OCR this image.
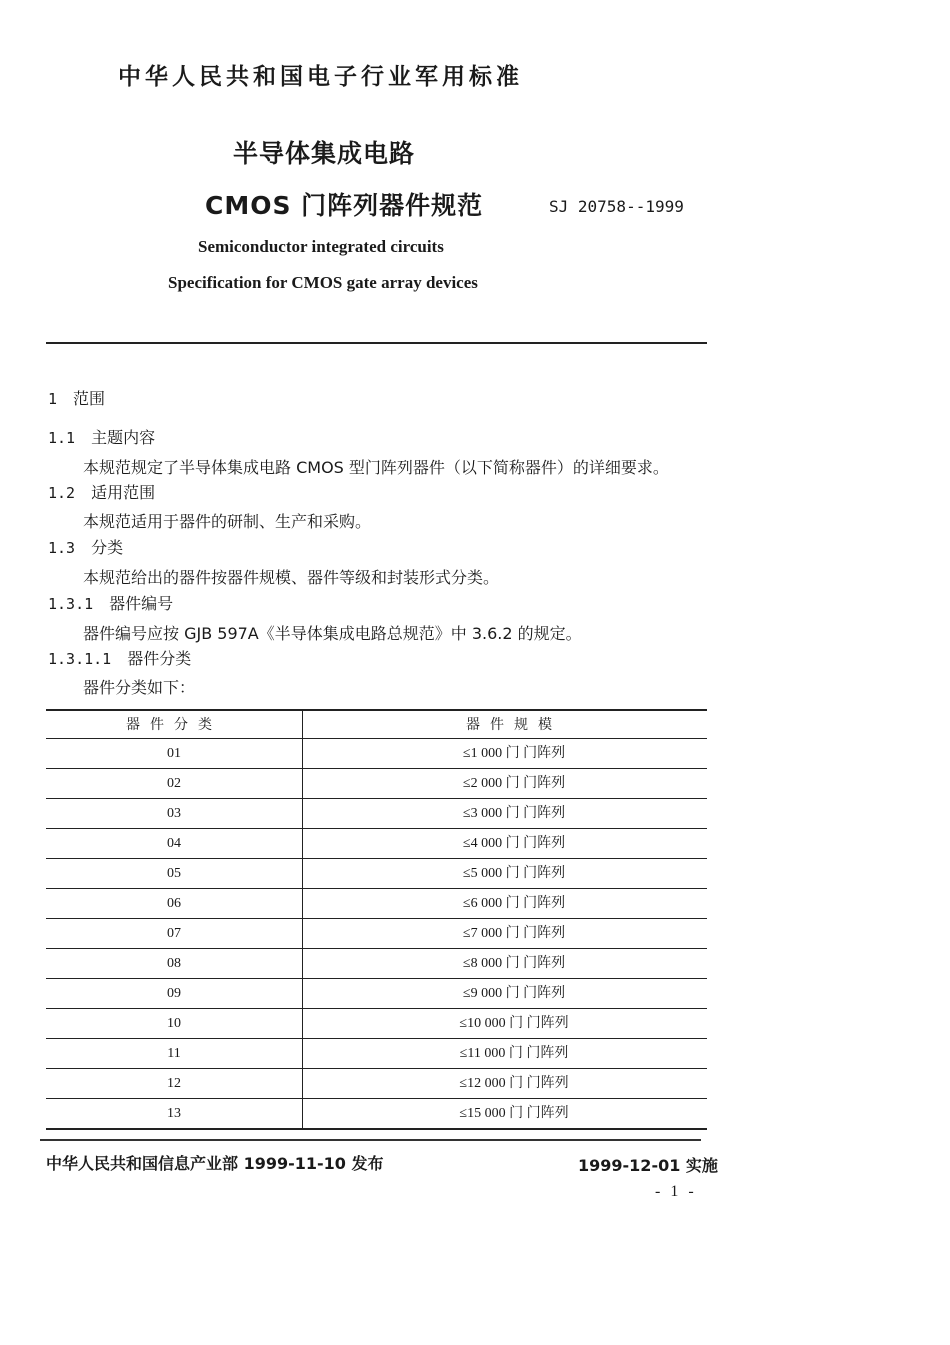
中华人民共和国电子行业军用标准
半导体集成电路
CMOS 门阵列器件规范	SJ 20758--1999
Semiconductor integrated circuits
Specification for CMOS gate array devices
1 范围
1.1 主题内容
本规范规定了半导体集成电路 CMOS 型门阵列器件（以下简称器件）的详细要求。
1.2 适用范围
本规范适用于器件的研制、生产和采购。
1.3 分类
本规范给出的器件按器件规模、器件等级和封装形式分类。
1.3.1 器件编号
器件编号应按 GJB 597A《半导体集成电路总规范》中 3.6.2 的规定。
1.3.1.1 器件分类
器件分类如下：
器件分类	器件规模
01	≤1 000 门 门阵列
02	≤2 000 门 门阵列
03	≤3 000 门 门阵列
04	≤4 000 门 门阵列
05	≤5 000 门 门阵列
06	≤6 000 门 门阵列
07	≤7 000 门 门阵列
08	≤8 000 门 门阵列
09	≤9 000 门 门阵列
10	≤10 000 门 门阵列
11	≤11 000 门 门阵列
12	≤12 000 门 门阵列
13	≤15 000 门 门阵列
中华人民共和国信息产业部 1999-11-10 发布	1999-12-01 实施
- 1 -
